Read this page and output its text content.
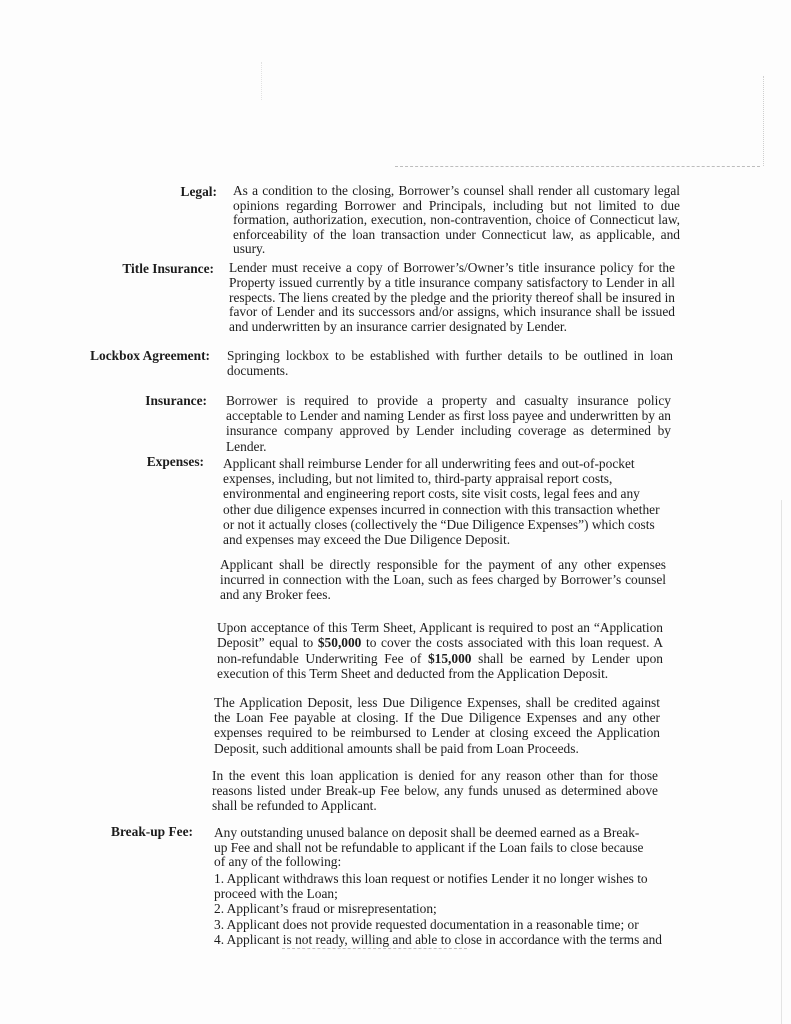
Legal: As a condition to the closing, Borrower’s counsel shall render all customary legal opinions regarding Borrower and Principals, including but not limited to due formation, authorization, execution, non-contravention, choice of Connecticut law, enforceability of the loan transaction under Connecticut law, as applicable, and usury.
Title Insurance: Lender must receive a copy of Borrower’s/Owner’s title insurance policy for the Property issued currently by a title insurance company satisfactory to Lender in all respects. The liens created by the pledge and the priority thereof shall be insured in favor of Lender and its successors and/or assigns, which insurance shall be issued and underwritten by an insurance carrier designated by Lender.
Lockbox Agreement: Springing lockbox to be established with further details to be outlined in loan documents.
Insurance: Borrower is required to provide a property and casualty insurance policy acceptable to Lender and naming Lender as first loss payee and underwritten by an insurance company approved by Lender including coverage as determined by Lender.
Expenses: Applicant shall reimburse Lender for all underwriting fees and out-of-pocket expenses, including, but not limited to, third-party appraisal report costs, environmental and engineering report costs, site visit costs, legal fees and any other due diligence expenses incurred in connection with this transaction whether or not it actually closes (collectively the “Due Diligence Expenses”) which costs and expenses may exceed the Due Diligence Deposit.
Applicant shall be directly responsible for the payment of any other expenses incurred in connection with the Loan, such as fees charged by Borrower’s counsel and any Broker fees.
Upon acceptance of this Term Sheet, Applicant is required to post an “Application Deposit” equal to $50,000 to cover the costs associated with this loan request. A non-refundable Underwriting Fee of $15,000 shall be earned by Lender upon execution of this Term Sheet and deducted from the Application Deposit.
The Application Deposit, less Due Diligence Expenses, shall be credited against the Loan Fee payable at closing. If the Due Diligence Expenses and any other expenses required to be reimbursed to Lender at closing exceed the Application Deposit, such additional amounts shall be paid from Loan Proceeds.
In the event this loan application is denied for any reason other than for those reasons listed under Break-up Fee below, any funds unused as determined above shall be refunded to Applicant.
Break-up Fee: Any outstanding unused balance on deposit shall be deemed earned as a Break-up Fee and shall not be refundable to applicant if the Loan fails to close because of any of the following:
1. Applicant withdraws this loan request or notifies Lender it no longer wishes to proceed with the Loan;
2. Applicant’s fraud or misrepresentation;
3. Applicant does not provide requested documentation in a reasonable time; or
4. Applicant is not ready, willing and able to close in accordance with the terms and
